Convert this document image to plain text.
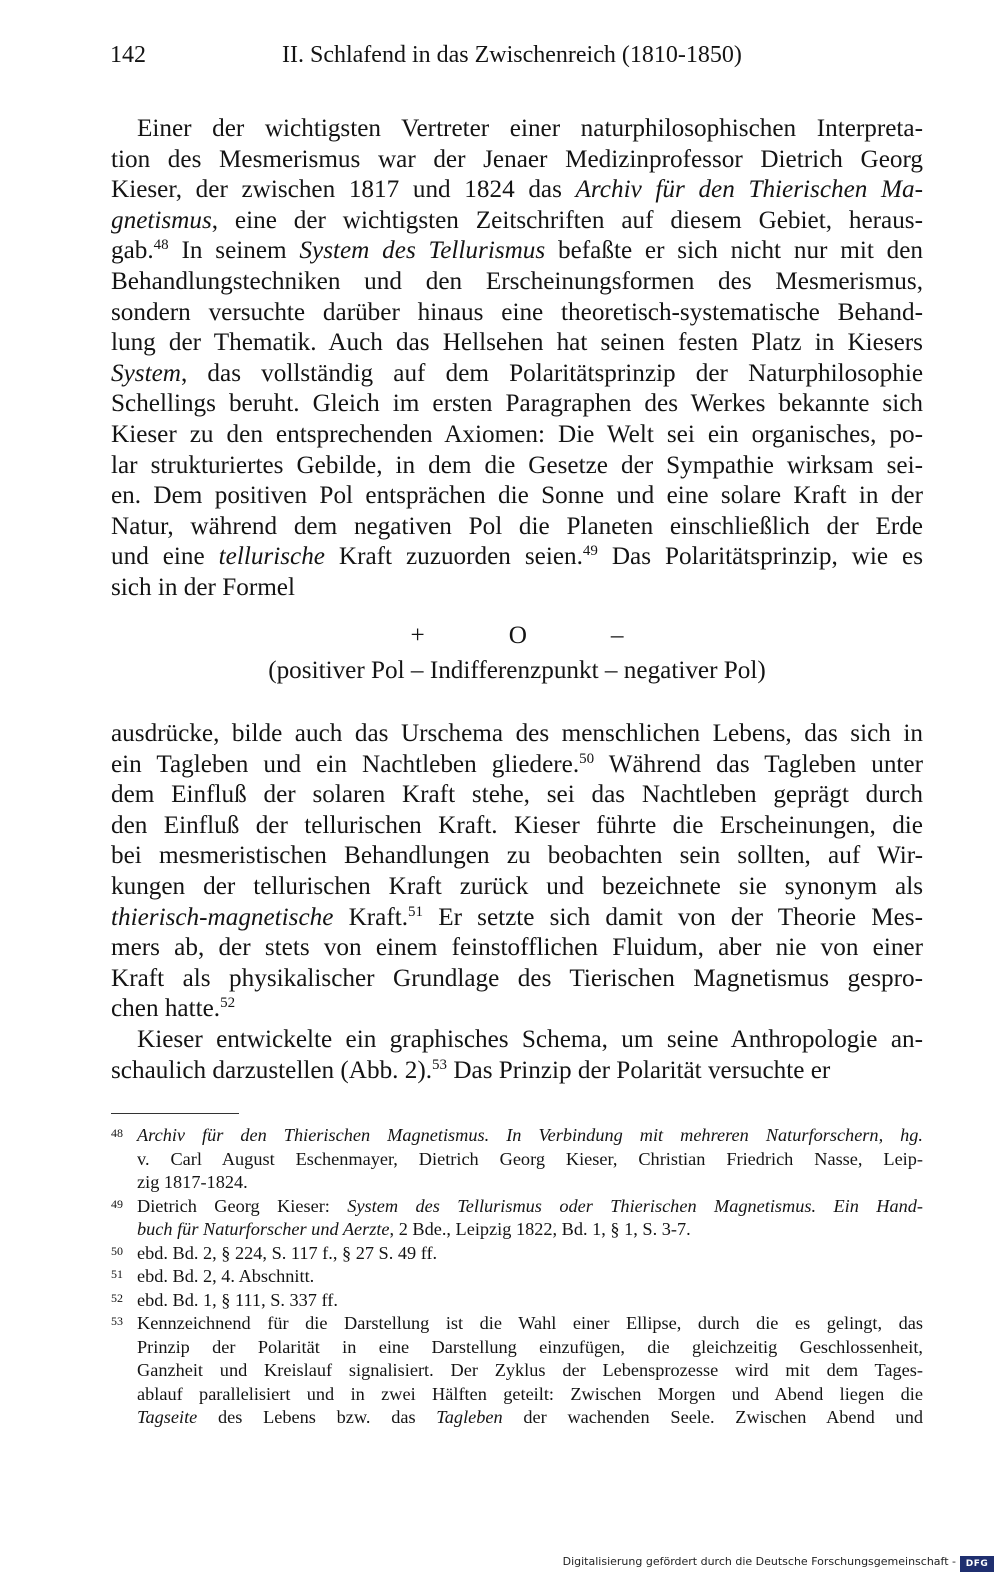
142	II. Schlafend in das Zwischenreich (1810-1850)
Einer der wichtigsten Vertreter einer naturphilosophischen Interpreta-
tion des Mesmerismus war der Jenaer Medizinprofessor Dietrich Georg
Kieser, der zwischen 1817 und 1824 das Archiv für den Thierischen Ma-
gnetismus, eine der wichtigsten Zeitschriften auf diesem Gebiet, heraus-
gab.$^{48}$ In seinem System des Tellurismus befaßte er sich nicht nur mit den
Behandlungstechniken und den Erscheinungsformen des Mesmerismus,
sondern versuchte darüber hinaus eine theoretisch-systematische Behand-
lung der Thematik. Auch das Hellsehen hat seinen festen Platz in Kiesers
System, das vollständig auf dem Polaritätsprinzip der Naturphilosophie
Schellings beruht. Gleich im ersten Paragraphen des Werkes bekannte sich
Kieser zu den entsprechenden Axiomen: Die Welt sei ein organisches, po-
lar strukturiertes Gebilde, in dem die Gesetze der Sympathie wirksam sei-
en. Dem positiven Pol entsprächen die Sonne und eine solare Kraft in der
Natur, während dem negativen Pol die Planeten einschließlich der Erde
und eine tellurische Kraft zuzuorden seien.$^{49}$ Das Polaritätsprinzip, wie es
sich in der Formel
+	O	–
(positiver Pol – Indifferenzpunkt – negativer Pol)
ausdrücke, bilde auch das Urschema des menschlichen Lebens, das sich in
ein Tagleben und ein Nachtleben gliedere.$^{50}$ Während das Tagleben unter
dem Einfluß der solaren Kraft stehe, sei das Nachtleben geprägt durch
den Einfluß der tellurischen Kraft. Kieser führte die Erscheinungen, die
bei mesmeristischen Behandlungen zu beobachten sein sollten, auf Wir-
kungen der tellurischen Kraft zurück und bezeichnete sie synonym als
thierisch-magnetische Kraft.$^{51}$ Er setzte sich damit von der Theorie Mes-
mers ab, der stets von einem feinstofflichen Fluidum, aber nie von einer
Kraft als physikalischer Grundlage des Tierischen Magnetismus gespro-
chen hatte.$^{52}$
Kieser entwickelte ein graphisches Schema, um seine Anthropologie an-
schaulich darzustellen (Abb. 2).$^{53}$ Das Prinzip der Polarität versuchte er
48 Archiv für den Thierischen Magnetismus. In Verbindung mit mehreren Naturforschern, hg.
v. Carl August Eschenmayer, Dietrich Georg Kieser, Christian Friedrich Nasse, Leip-
zig 1817-1824.
49 Dietrich Georg Kieser: System des Tellurismus oder Thierischen Magnetismus. Ein Hand-
buch für Naturforscher und Aerzte, 2 Bde., Leipzig 1822, Bd. 1, § 1, S. 3-7.
50 ebd. Bd. 2, § 224, S. 117 f., § 27 S. 49 ff.
51 ebd. Bd. 2, 4. Abschnitt.
52 ebd. Bd. 1, § 111, S. 337 ff.
53 Kennzeichnend für die Darstellung ist die Wahl einer Ellipse, durch die es gelingt, das
Prinzip der Polarität in eine Darstellung einzufügen, die gleichzeitig Geschlossenheit,
Ganzheit und Kreislauf signalisiert. Der Zyklus der Lebensprozesse wird mit dem Tages-
ablauf parallelisiert und in zwei Hälften geteilt: Zwischen Morgen und Abend liegen die
Tagseite des Lebens bzw. das Tagleben der wachenden Seele. Zwischen Abend und
Digitalisierung gefördert durch die Deutsche Forschungsgemeinschaft -	DFG
